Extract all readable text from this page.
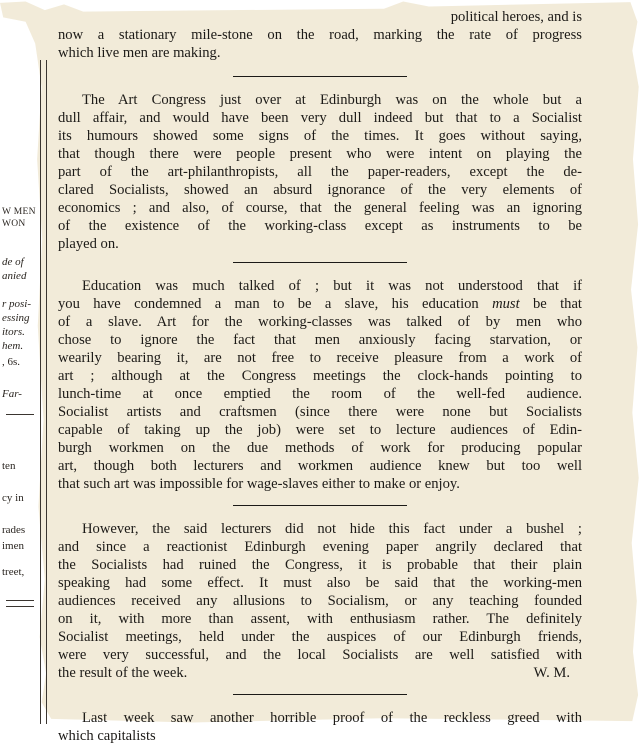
W MEN
WON
de of
anied
r posi-
essing
itors.
hem.
, 6s.
Far-
ten
cy in
rades
imen
treet,
political heroes, and is
now a stationary mile-stone on the road, marking the rate of progress
which live men are making.
The Art Congress just over at Edinburgh was on the whole but a
dull affair, and would have been very dull indeed but that to a Socialist
its humours showed some signs of the times. It goes without saying,
that though there were people present who were intent on playing the
part of the art-philanthropists, all the paper-readers, except the de-
clared Socialists, showed an absurd ignorance of the very elements of
economics ; and also, of course, that the general feeling was an ignoring
of the existence of the working-class except as instruments to be
played on.
Education was much talked of ; but it was not understood that if
you have condemned a man to be a slave, his education must be that
of a slave. Art for the working-classes was talked of by men who
chose to ignore the fact that men anxiously facing starvation, or
wearily bearing it, are not free to receive pleasure from a work of
art ; although at the Congress meetings the clock-hands pointing to
lunch-time at once emptied the room of the well-fed audience.
Socialist artists and craftsmen (since there were none but Socialists
capable of taking up the job) were set to lecture audiences of Edin-
burgh workmen on the due methods of work for producing popular
art, though both lecturers and workmen audience knew but too well
that such art was impossible for wage-slaves either to make or enjoy.
However, the said lecturers did not hide this fact under a bushel ;
and since a reactionist Edinburgh evening paper angrily declared that
the Socialists had ruined the Congress, it is probable that their plain
speaking had some effect. It must also be said that the working-men
audiences received any allusions to Socialism, or any teaching founded
on it, with more than assent, with enthusiasm rather. The definitely
Socialist meetings, held under the auspices of our Edinburgh friends,
were very successful, and the local Socialists are well satisfied with
the result of the week.	W. M.
Last week saw another horrible proof of the reckless greed with
which capitalists
